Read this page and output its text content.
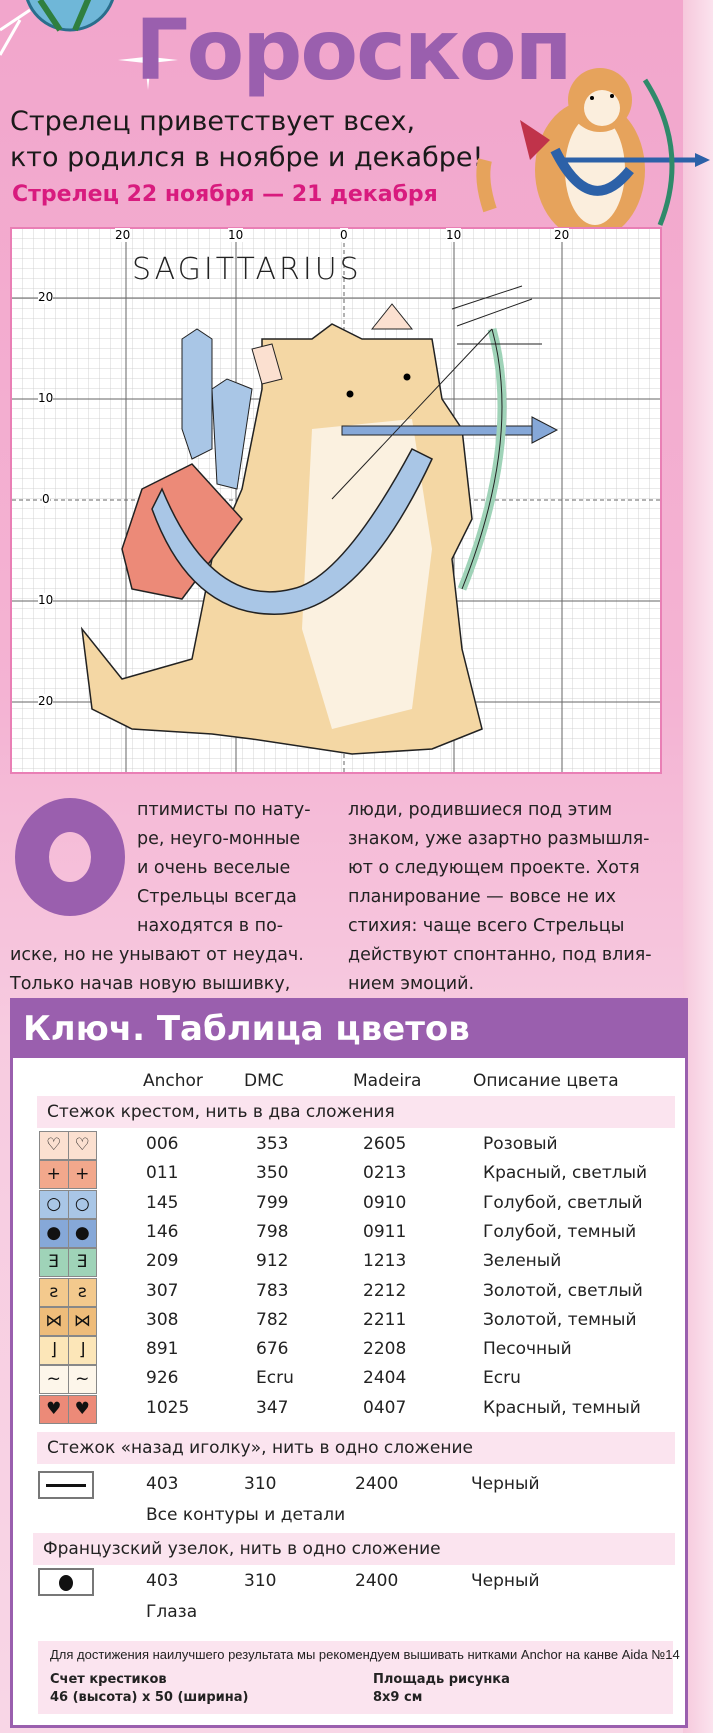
Гороскоп
Стрелец приветствует всех,
кто родился в ноябре и декабре!
Стрелец 22 ноября — 21 декабря
20	10	0	10	20
20
10
0
10
20
SAGITTARIUS
птимисты по нату-
ре, неуго-монные
и очень веселые
Стрельцы всегда
находятся в по-
иске, но не унывают от неудач.
Только начав новую вышивку,
люди, родившиеся под этим
знаком, уже азартно размышля-
ют о следующем проекте. Хотя
планирование — вовсе не их
стихия: чаще всего Стрельцы
действуют спонтанно, под влия-
нием эмоций.
Ключ. Таблица цветов
Anchor DMC	Madeira	Описание цвета
Стежок крестом, нить в два сложения
♡ ♡	006	353	2605	Розовый
+ +	011	350	0213	Красный, светлый
○ ○	145	799	0910	Голубой, светлый
● ●	146	798	0911	Голубой, темный
Ǝ	Ǝ	209	912	1213	Зеленый
ƨ	ƨ	307	783	2212	Золотой, светлый
⋈ ⋈	308	782	2211	Золотой, темный
⌋	⌋	891	676	2208	Песочный
~ ~	926	Ecru	2404	Ecru
♥ ♥	1025	347	0407	Красный, темный
Стежок «назад иголку», нить в одно сложение
403	310	2400	Черный
Все контуры и детали
Французский узелок, нить в одно сложение
403	310	2400	Черный
Глаза
Для достижения наилучшего результата мы рекомендуем вышивать нитками Anchor на канве Aida №14
Счет крестиков
46 (высота) x 50 (ширина)
Площадь рисунка
8x9 см
